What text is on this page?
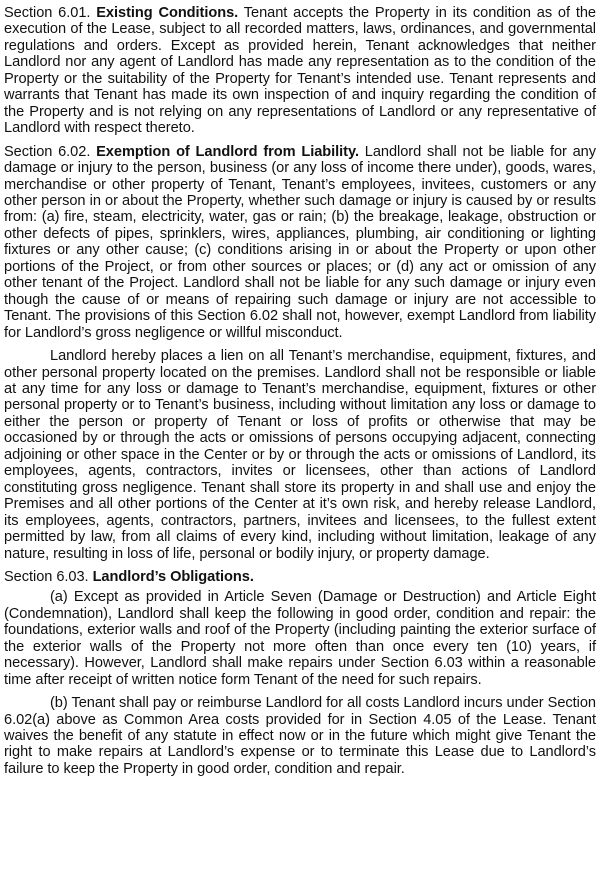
Section 6.01. Existing Conditions. Tenant accepts the Property in its condition as of the execution of the Lease, subject to all recorded matters, laws, ordinances, and governmental regulations and orders. Except as provided herein, Tenant acknowledges that neither Landlord nor any agent of Landlord has made any representation as to the condition of the Property or the suitability of the Property for Tenant’s intended use. Tenant represents and warrants that Tenant has made its own inspection of and inquiry regarding the condition of the Property and is not relying on any representations of Landlord or any representative of Landlord with respect thereto.

Section 6.02. Exemption of Landlord from Liability. Landlord shall not be liable for any damage or injury to the person, business (or any loss of income there under), goods, wares, merchandise or other property of Tenant, Tenant’s employees, invitees, customers or any other person in or about the Property, whether such damage or injury is caused by or results from: (a) fire, steam, electricity, water, gas or rain; (b) the breakage, leakage, obstruction or other defects of pipes, sprinklers, wires, appliances, plumbing, air conditioning or lighting fixtures or any other cause; (c) conditions arising in or about the Property or upon other portions of the Project, or from other sources or places; or (d) any act or omission of any other tenant of the Project. Landlord shall not be liable for any such damage or injury even though the cause of or means of repairing such damage or injury are not accessible to Tenant. The provisions of this Section 6.02 shall not, however, exempt Landlord from liability for Landlord’s gross negligence or willful misconduct.

Landlord hereby places a lien on all Tenant’s merchandise, equipment, fixtures, and other personal property located on the premises. Landlord shall not be responsible or liable at any time for any loss or damage to Tenant’s merchandise, equipment, fixtures or other personal property or to Tenant’s business, including without limitation any loss or damage to either the person or property of Tenant or loss of profits or otherwise that may be occasioned by or through the acts or omissions of persons occupying adjacent, connecting adjoining or other space in the Center or by or through the acts or omissions of Landlord, its employees, agents, contractors, invites or licensees, other than actions of Landlord constituting gross negligence. Tenant shall store its property in and shall use and enjoy the Premises and all other portions of the Center at it’s own risk, and hereby release Landlord, its employees, agents, contractors, partners, invitees and licensees, to the fullest extent permitted by law, from all claims of every kind, including without limitation, leakage of any nature, resulting in loss of life, personal or bodily injury, or property damage.

Section 6.03. Landlord’s Obligations.

(a) Except as provided in Article Seven (Damage or Destruction) and Article Eight (Condemnation), Landlord shall keep the following in good order, condition and repair: the foundations, exterior walls and roof of the Property (including painting the exterior surface of the exterior walls of the Property not more often than once every ten (10) years, if necessary). However, Landlord shall make repairs under Section 6.03 within a reasonable time after receipt of written notice form Tenant of the need for such repairs.

(b) Tenant shall pay or reimburse Landlord for all costs Landlord incurs under Section 6.02(a) above as Common Area costs provided for in Section 4.05 of the Lease. Tenant waives the benefit of any statute in effect now or in the future which might give Tenant the right to make repairs at Landlord’s expense or to terminate this Lease due to Landlord’s failure to keep the Property in good order, condition and repair.
